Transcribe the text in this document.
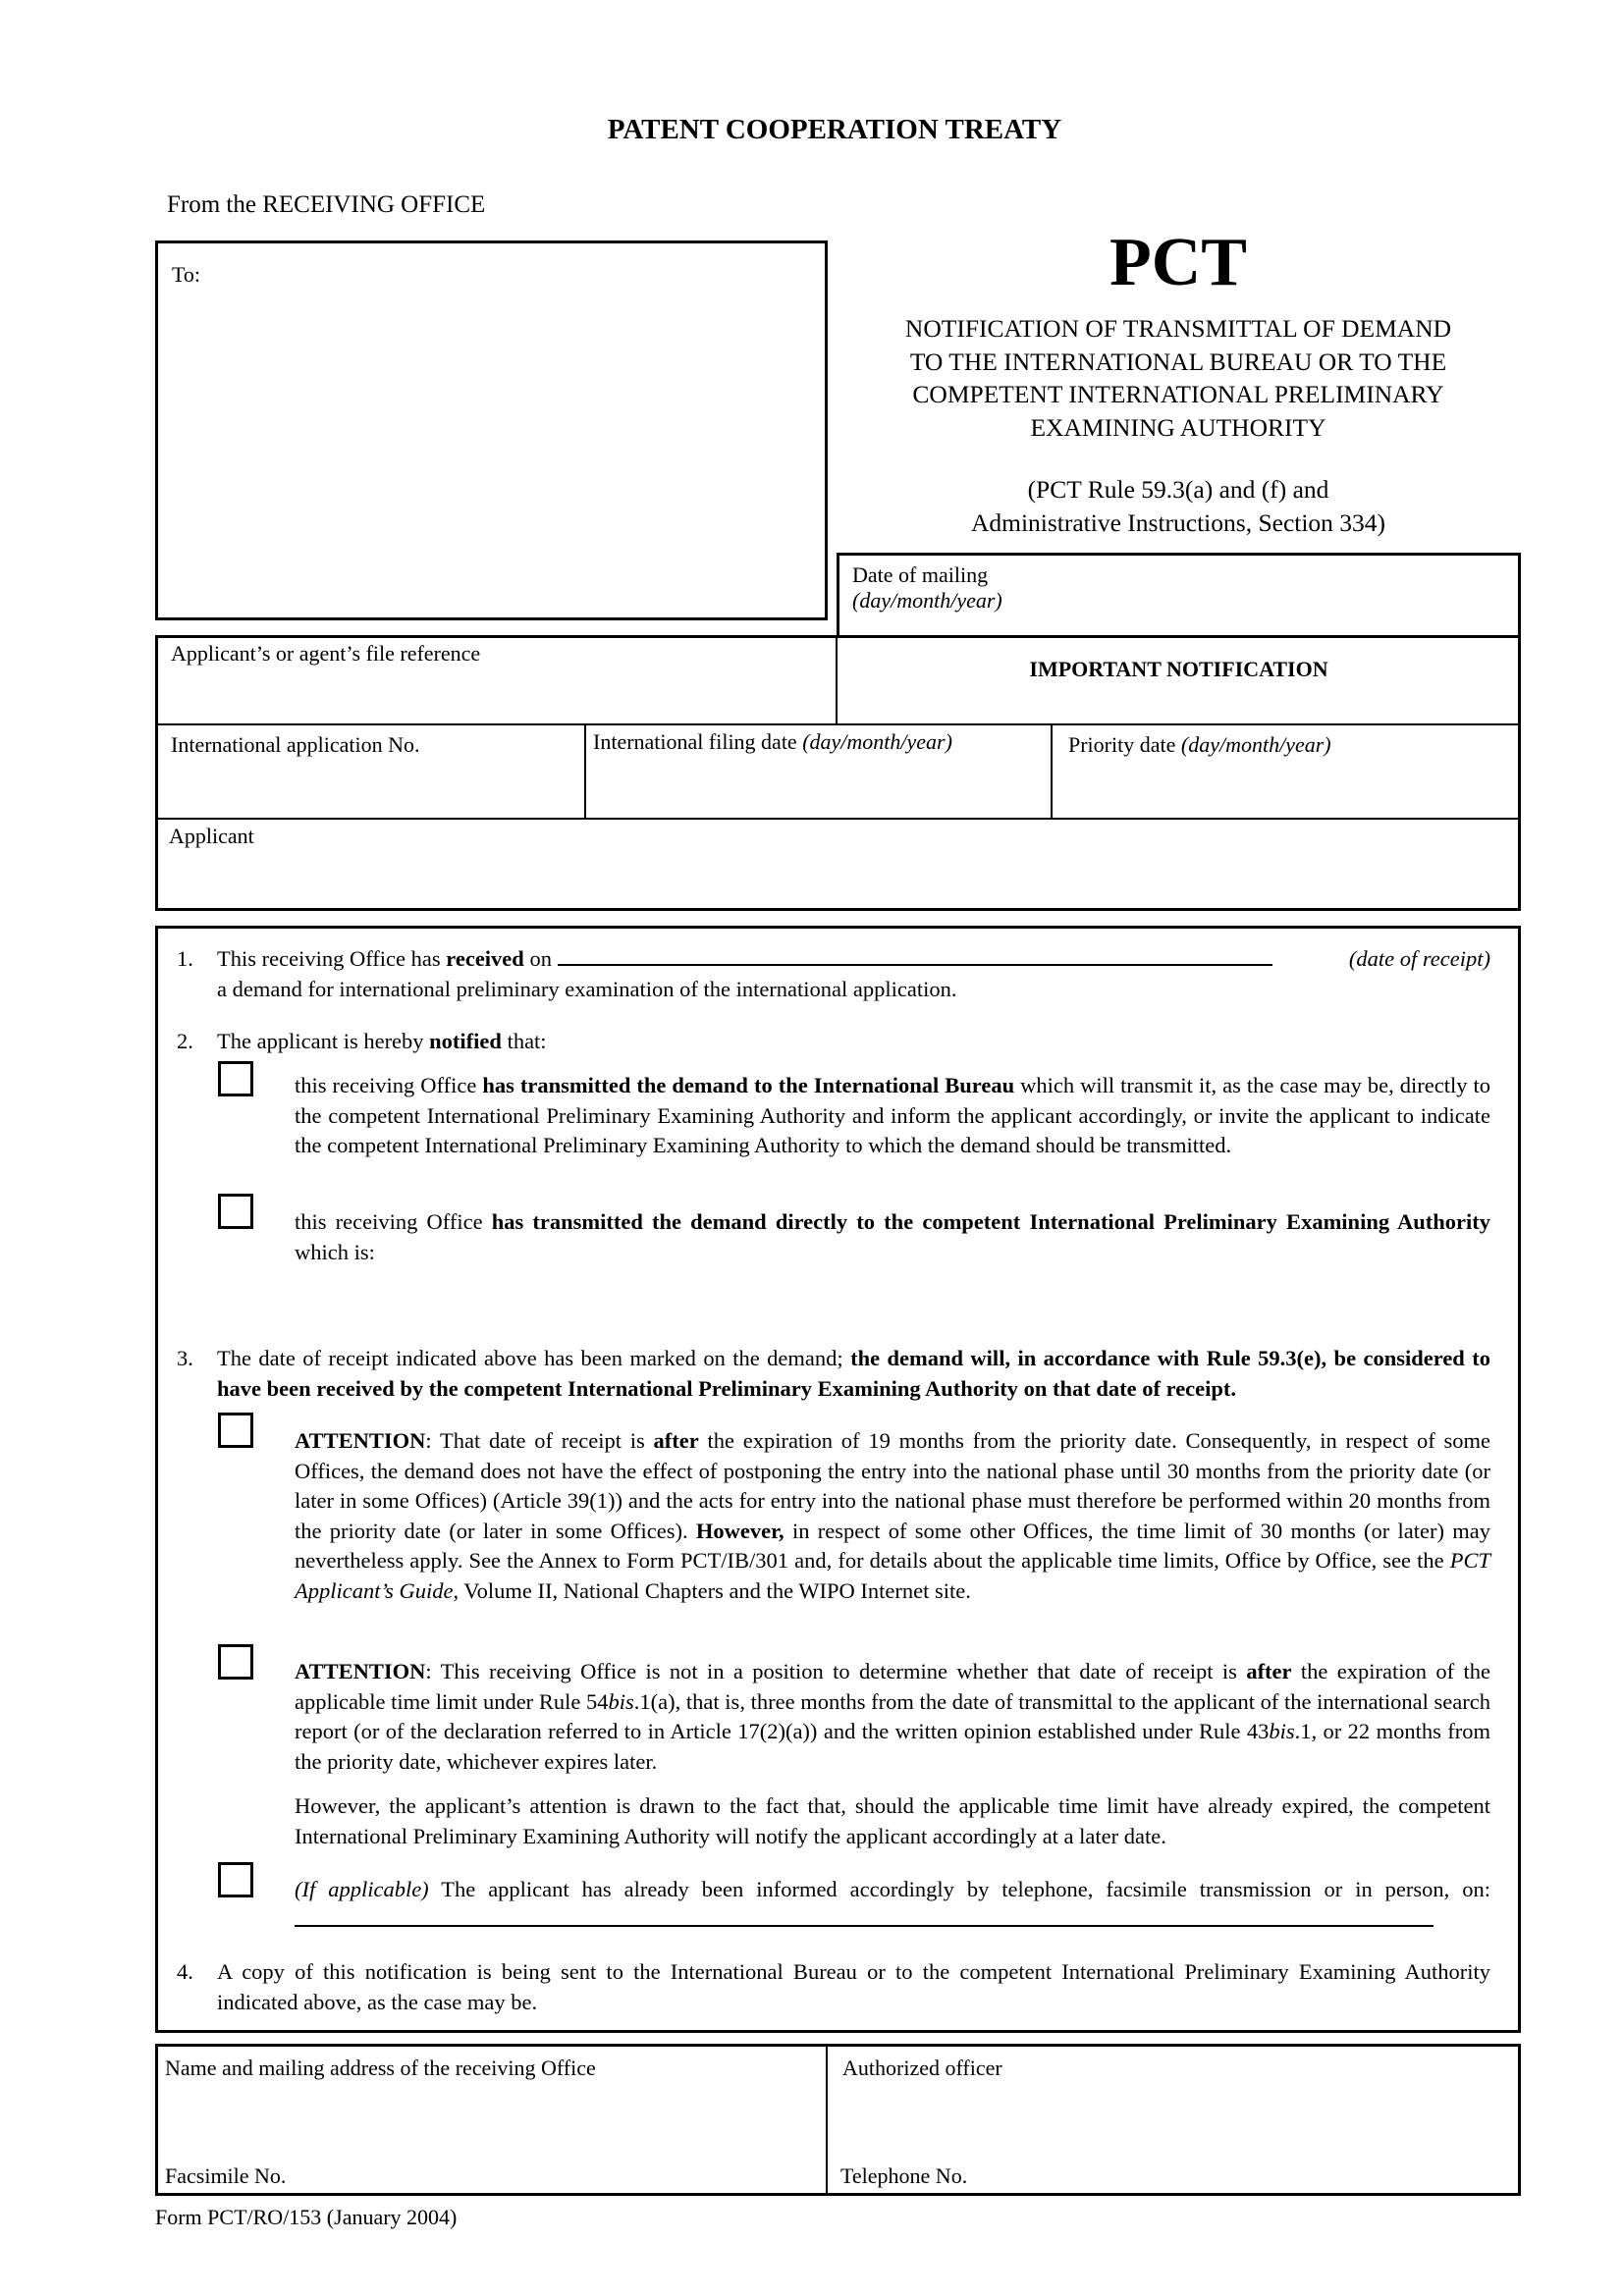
PATENT COOPERATION TREATY
From the RECEIVING OFFICE
To:	PCT
NOTIFICATION OF TRANSMITTAL OF DEMAND
TO THE INTERNATIONAL BUREAU OR TO THE
COMPETENT INTERNATIONAL PRELIMINARY
EXAMINING AUTHORITY
(PCT Rule 59.3(a) and (f) and
Administrative Instructions, Section 334)
Date of mailing
(day/month/year)
Applicant’s or agent’s file reference
IMPORTANT NOTIFICATION
International application No.	International filing date (day/month/year)	Priority date (day/month/year)
Applicant
1. This receiving Office has received on	(date of receipt)
a demand for international preliminary examination of the international application.
2. The applicant is hereby notified that:
this receiving Office has transmitted the demand to the International Bureau which will transmit it, as the case may be, directly to the competent International Preliminary Examining Authority and inform the applicant accordingly, or invite the applicant to indicate the competent International Preliminary Examining Authority to which the demand should be transmitted.
this receiving Office has transmitted the demand directly to the competent International Preliminary Examining Authority which is:
3. The date of receipt indicated above has been marked on the demand; the demand will, in accordance with Rule 59.3(e), be considered to have been received by the competent International Preliminary Examining Authority on that date of receipt.
ATTENTION: That date of receipt is after the expiration of 19 months from the priority date. Consequently, in respect of some Offices, the demand does not have the effect of postponing the entry into the national phase until 30 months from the priority date (or later in some Offices) (Article 39(1)) and the acts for entry into the national phase must therefore be performed within 20 months from the priority date (or later in some Offices). However, in respect of some other Offices, the time limit of 30 months (or later) may nevertheless apply. See the Annex to Form PCT/IB/301 and, for details about the applicable time limits, Office by Office, see the PCT Applicant’s Guide, Volume II, National Chapters and the WIPO Internet site.
ATTENTION: This receiving Office is not in a position to determine whether that date of receipt is after the expiration of the applicable time limit under Rule 54bis.1(a), that is, three months from the date of transmittal to the applicant of the international search report (or of the declaration referred to in Article 17(2)(a)) and the written opinion established under Rule 43bis.1, or 22 months from the priority date, whichever expires later.
However, the applicant’s attention is drawn to the fact that, should the applicable time limit have already expired, the competent International Preliminary Examining Authority will notify the applicant accordingly at a later date.
(If applicable) The applicant has already been informed accordingly by telephone, facsimile transmission or in person, on:
4. A copy of this notification is being sent to the International Bureau or to the competent International Preliminary Examining Authority indicated above, as the case may be.
Name and mailing address of the receiving Office
Facsimile No.
Authorized officer
Telephone No.
Form PCT/RO/153 (January 2004)
